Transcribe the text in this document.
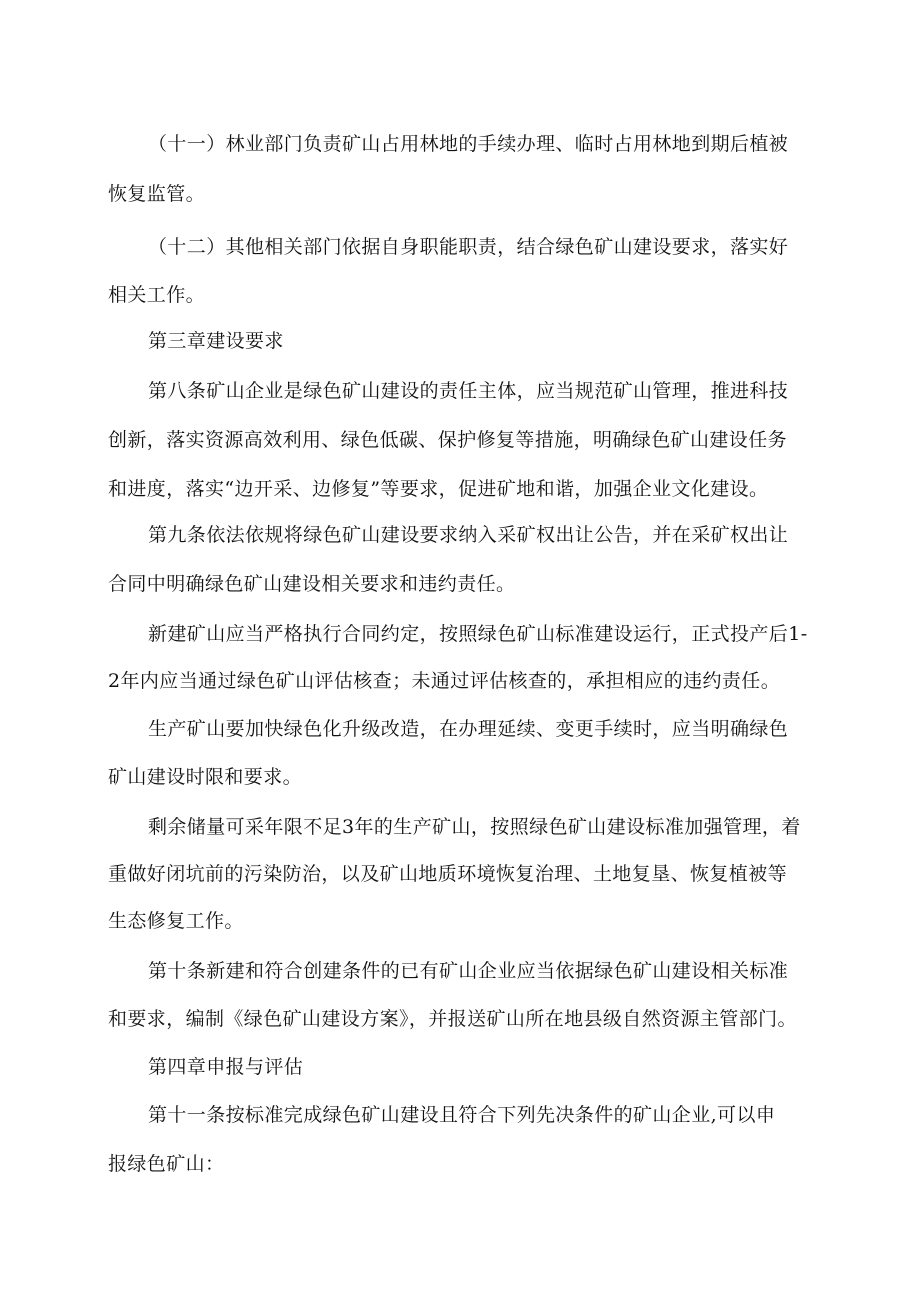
（十一）林业部门负责矿山占用林地的手续办理、临时占用林地到期后植被
恢复监管。
（十二）其他相关部门依据自身职能职责，结合绿色矿山建设要求，落实好
相关工作。
第三章建设要求
第八条矿山企业是绿色矿山建设的责任主体，应当规范矿山管理，推进科技
创新，落实资源高效利用、绿色低碳、保护修复等措施，明确绿色矿山建设任务
和进度，落实“边开采、边修复”等要求，促进矿地和谐，加强企业文化建设。
第九条依法依规将绿色矿山建设要求纳入采矿权出让公告，并在采矿权出让
合同中明确绿色矿山建设相关要求和违约责任。
新建矿山应当严格执行合同约定，按照绿色矿山标准建设运行，正式投产后1-
2年内应当通过绿色矿山评估核查；未通过评估核查的，承担相应的违约责任。
生产矿山要加快绿色化升级改造，在办理延续、变更手续时，应当明确绿色
矿山建设时限和要求。
剩余储量可采年限不足3年的生产矿山，按照绿色矿山建设标准加强管理，着
重做好闭坑前的污染防治，以及矿山地质环境恢复治理、土地复垦、恢复植被等
生态修复工作。
第十条新建和符合创建条件的已有矿山企业应当依据绿色矿山建设相关标准
和要求，编制《绿色矿山建设方案》，并报送矿山所在地县级自然资源主管部门。
第四章申报与评估
第十一条按标准完成绿色矿山建设且符合下列先决条件的矿山企业,可以申
报绿色矿山：
